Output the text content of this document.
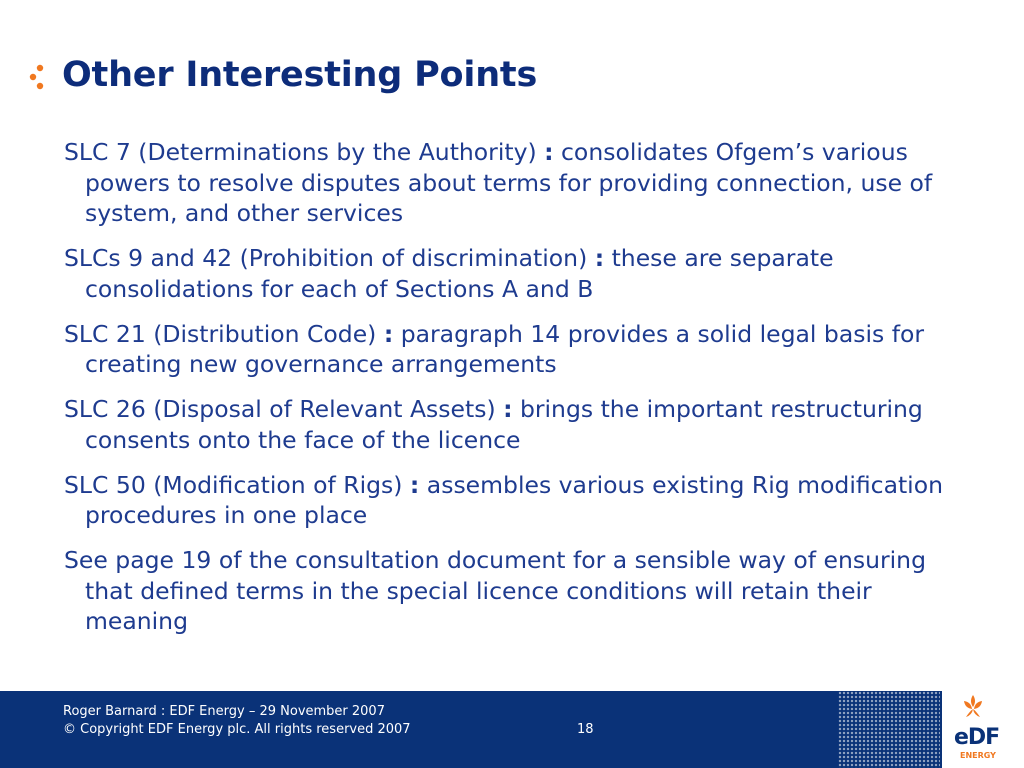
Other Interesting Points

SLC 7 (Determinations by the Authority) : consolidates Ofgem’s various powers to resolve disputes about terms for providing connection, use of system, and other services

SLCs 9 and 42 (Prohibition of discrimination) : these are separate consolidations for each of Sections A and B

SLC 21 (Distribution Code) : paragraph 14 provides a solid legal basis for creating new governance arrangements

SLC 26 (Disposal of Relevant Assets) : brings the important restructuring consents onto the face of the licence

SLC 50 (Modification of Rigs) : assembles various existing Rig modification procedures in one place

See page 19 of the consultation document for a sensible way of ensuring that defined terms in the special licence conditions will retain their meaning

Roger Barnard : EDF Energy – 29 November 2007
© Copyright EDF Energy plc. All rights reserved 2007	18	eDF
ENERGY
